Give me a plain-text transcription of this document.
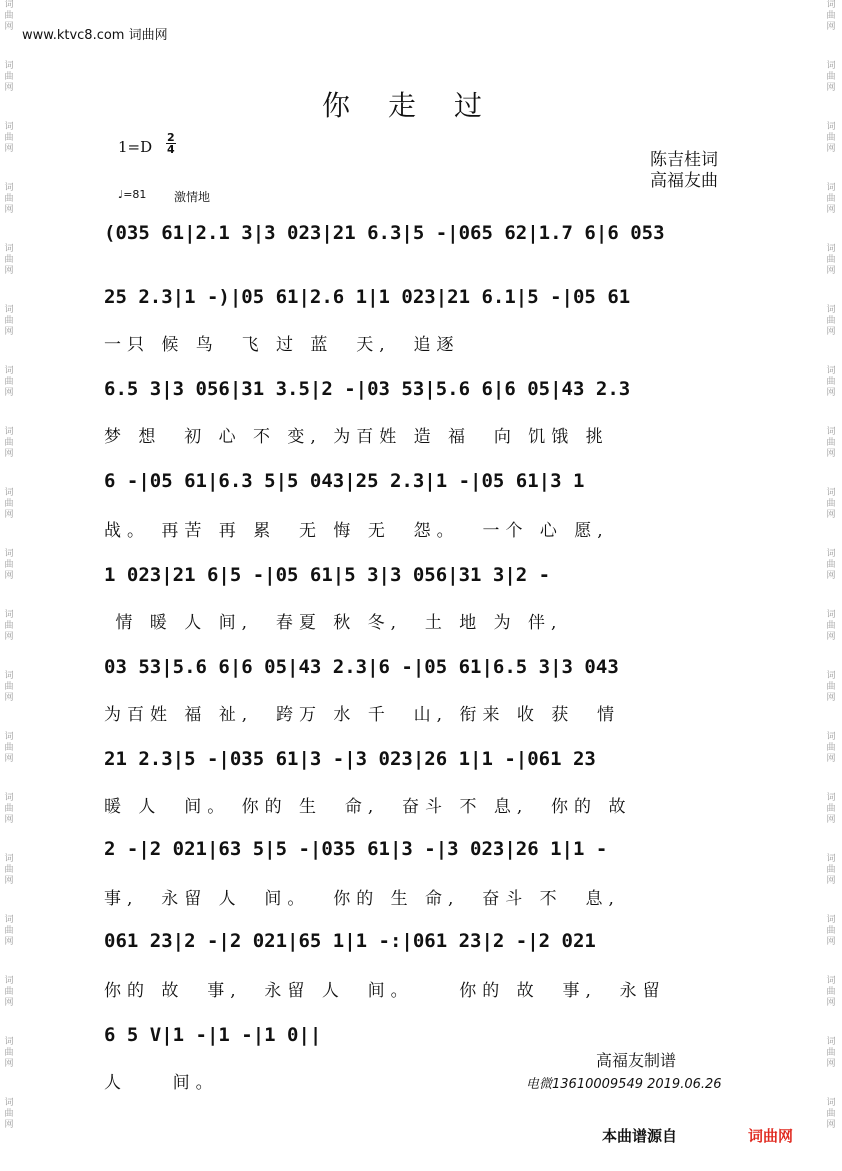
www.ktvc8.com 词曲网
词曲网
词曲网
词曲网
词曲网
词曲网
词曲网
词曲网
词曲网
词曲网
词曲网
词曲网
词曲网
词曲网
词曲网
词曲网
词曲网
词曲网
词曲网
词曲网
词曲网
词曲网
词曲网
词曲网
词曲网
词曲网
词曲网
词曲网
词曲网
词曲网
词曲网
词曲网
词曲网
词曲网
词曲网
词曲网
词曲网
词曲网
词曲网
你走过
$1=D \frac{2}{4}$
陈吉桂词
高福友曲
♩=81 激情地
(035 61|2.1 3|3 023|21 6.3|5 -|065 62|1.7 6|6 053
25 2.3|1 -)|05 61|2.6 1|1 023|21 6.1|5 -|05 61
一只 候 鸟  飞 过 蓝  天,  追逐
6.5 3|3 056|31 3.5|2 -|03 53|5.6 6|6 05|43 2.3
梦 想  初 心 不 变, 为百姓 造 福  向 饥饿 挑
6 -|05 61|6.3 5|5 043|25 2.3|1 -|05 61|3 1
战。 再苦 再 累  无 悔 无  怨。  一个 心 愿,
1 023|21 6|5 -|05 61|5 3|3 056|31 3|2 -
情 暖 人 间,  春夏 秋 冬,  土 地 为 伴,
03 53|5.6 6|6 05|43 2.3|6 -|05 61|6.5 3|3 043
为百姓 福 祉,  跨万 水 千  山, 衔来 收 获  情
21 2.3|5 -|035 61|3 -|3 023|26 1|1 -|061 23
暖 人  间。 你的 生  命,  奋斗 不 息,  你的 故
2 -|2 021|63 5|5 -|035 61|3 -|3 023|26 1|1 -
事,  永留 人  间。  你的 生 命,  奋斗 不  息,
061 23|2 -|2 021|65 1|1 -:|061 23|2 -|2 021
你的 故  事,  永留 人  间。    你的 故  事,  永留
6 5 V|1 -|1 -|1 0||
人    间。
高福友制谱
电微13610009549 2019.06.26
本曲谱源自	词曲网
